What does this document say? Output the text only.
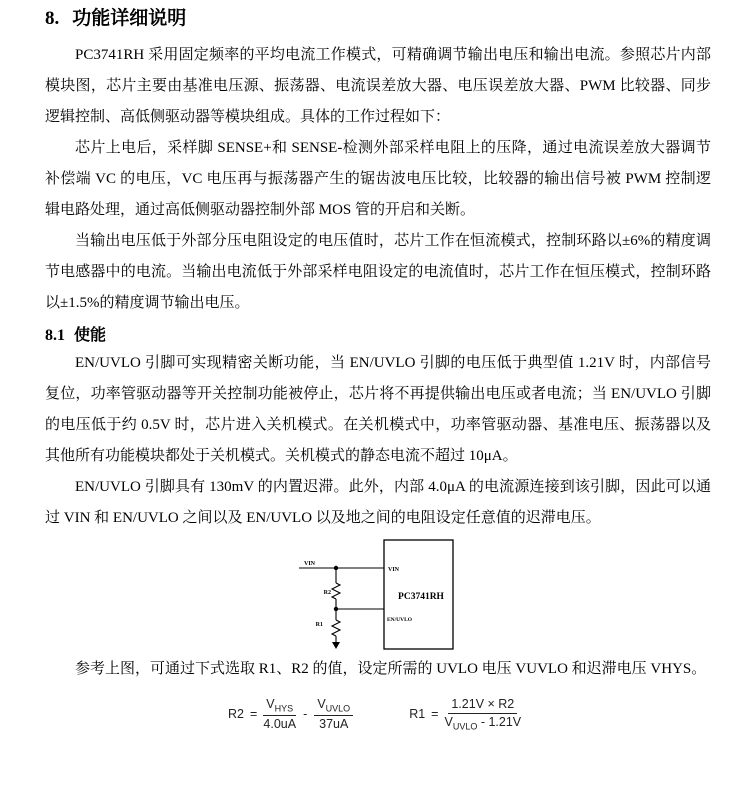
8. 功能详细说明

PC3741RH 采用固定频率的平均电流工作模式，可精确调节输出电压和输出电流。参照芯片内部模块图，芯片主要由基准电压源、振荡器、电流误差放大器、电压误差放大器、PWM 比较器、同步逻辑控制、高低侧驱动器等模块组成。具体的工作过程如下：

芯片上电后，采样脚 SENSE+和 SENSE-检测外部采样电阻上的压降，通过电流误差放大器调节补偿端 VC 的电压，VC 电压再与振荡器产生的锯齿波电压比较，比较器的输出信号被 PWM 控制逻辑电路处理，通过高低侧驱动器控制外部 MOS 管的开启和关断。

当输出电压低于外部分压电阻设定的电压值时，芯片工作在恒流模式，控制环路以±6%的精度调节电感器中的电流。当输出电流低于外部采样电阻设定的电流值时，芯片工作在恒压模式，控制环路以±1.5%的精度调节输出电压。

8.1 使能

EN/UVLO 引脚可实现精密关断功能，当 EN/UVLO 引脚的电压低于典型值 1.21V 时，内部信号复位，功率管驱动器等开关控制功能被停止，芯片将不再提供输出电压或者电流；当 EN/UVLO 引脚的电压低于约 0.5V 时，芯片进入关机模式。在关机模式中，功率管驱动器、基准电压、振荡器以及其他所有功能模块都处于关机模式。关机模式的静态电流不超过 10μA。

EN/UVLO 引脚具有 130mV 的内置迟滞。此外，内部 4.0μA 的电流源连接到该引脚，因此可以通过 VIN 和 EN/UVLO 之间以及 EN/UVLO 以及地之间的电阻设定任意值的迟滞电压。

PC3741RH
VIN
EN/UVLO
VIN
R2
R1

参考上图，可通过下式选取 R1、R2 的值，设定所需的 UVLO 电压 VUVLO 和迟滞电压 VHYS。

$R2 = \frac{V_{HYS}}{4.0uA} - \frac{V_{UVLO}}{37uA}$	$R1 = \frac{1.21V \times R2}{V_{UVLO} - 1.21V}$
